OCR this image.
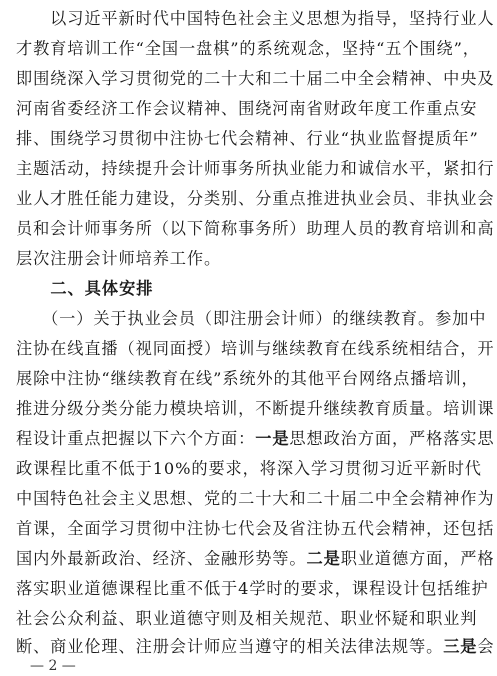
　　以习近平新时代中国特色社会主义思想为指导，坚持行业人
才教育培训工作“全国一盘棋”的系统观念，坚持“五个围绕”，
即围绕深入学习贯彻党的二十大和二十届二中全会精神、中央及
河南省委经济工作会议精神、围绕河南省财政年度工作重点安
排、围绕学习贯彻中注协七代会精神、行业“执业监督提质年”
主题活动，持续提升会计师事务所执业能力和诚信水平，紧扣行
业人才胜任能力建设，分类别、分重点推进执业会员、非执业会
员和会计师事务所（以下简称事务所）助理人员的教育培训和高
层次注册会计师培养工作。
　　二、具体安排
　　（一）关于执业会员（即注册会计师）的继续教育。参加中
注协在线直播（视同面授）培训与继续教育在线系统相结合，开
展除中注协“继续教育在线”系统外的其他平台网络点播培训，
推进分级分类分能力模块培训，不断提升继续教育质量。培训课
程设计重点把握以下六个方面：一是思想政治方面，严格落实思
政课程比重不低于10%的要求，将深入学习贯彻习近平新时代
中国特色社会主义思想、党的二十大和二十届二中全会精神作为
首课，全面学习贯彻中注协七代会及省注协五代会精神，还包括
国内外最新政治、经济、金融形势等。二是职业道德方面，严格
落实职业道德课程比重不低于4学时的要求，课程设计包括维护
社会公众利益、职业道德守则及相关规范、职业怀疑和职业判
断、商业伦理、注册会计师应当遵守的相关法律法规等。三是会
— 2 —
